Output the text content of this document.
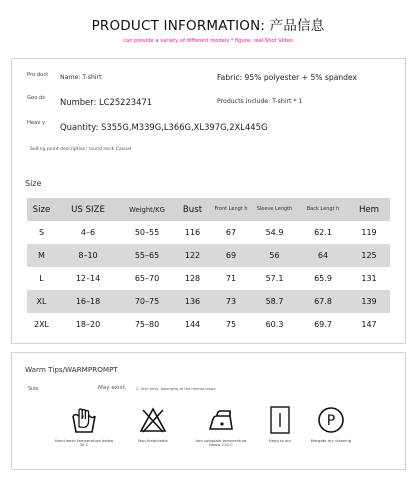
PRODUCT INFORMATION: 产品信息
can provide a variety of different models * figure, real Shot Video
Pro duct Name: T-shirt	Fabric: 95% polyester + 5% spandex
Goo ds	Number: LC25223471	Products include: T-shirt * 1
Heav y	Quantity: S355G,M339G,L366G,XL397G,2XL445G
Selling point description: round neck Casual
Size
Size	US SIZE	Weight/KG	Bust	Front Lengt h	Sleeve Length	Back Lengt h	Hem
S	4–6	50–55	116	67	54.9	62.1	119
M	8–10	55–65	122	69	56	64	125
L	12–14	65–70	128	71	57.1	65.9	131
XL	16–18	70–75	136	73	58.7	67.8	139
2XL	18–20	75–80	144	75	60.3	69.7	147
Warm Tips/WARMPROMPT
Size	May exist,	2- 3cm error, belonging to the normal range
Hand wash temperature below 30 C
Non bleachable	Iron soleplate temperature below 110 C
Hang to dry
P
Mergate dry cleaning
